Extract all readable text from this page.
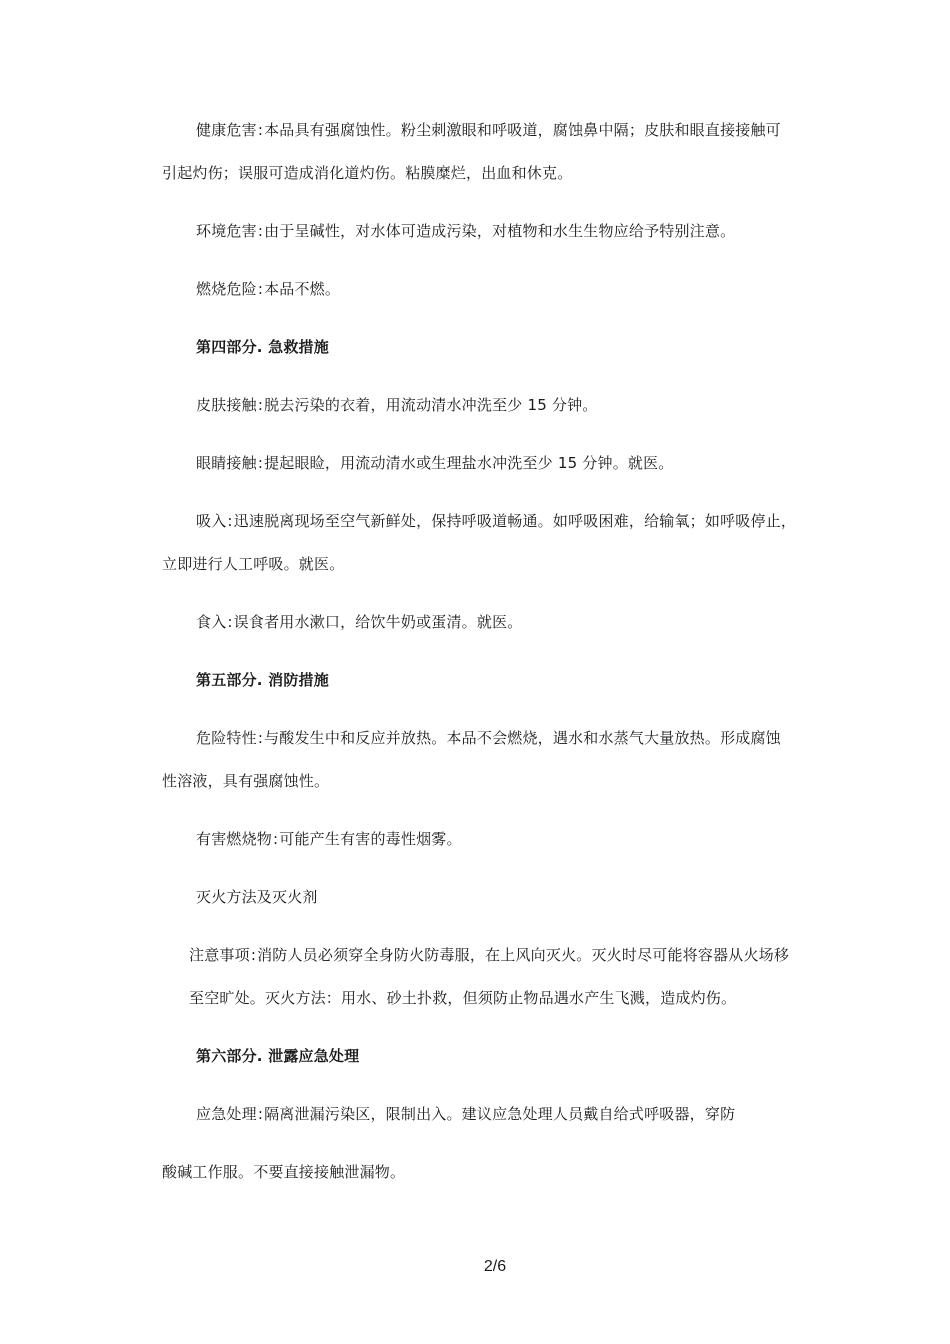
健康危害:本品具有强腐蚀性。粉尘刺激眼和呼吸道，腐蚀鼻中隔；皮肤和眼直接接触可
引起灼伤；误服可造成消化道灼伤。粘膜糜烂，出血和休克。
环境危害:由于呈碱性，对水体可造成污染，对植物和水生生物应给予特别注意。
燃烧危险:本品不燃。
第四部分. 急救措施
皮肤接触:脱去污染的衣着，用流动清水冲洗至少 15 分钟。
眼睛接触:提起眼睑，用流动清水或生理盐水冲洗至少 15 分钟。就医。
吸入:迅速脱离现场至空气新鲜处，保持呼吸道畅通。如呼吸困难，给输氧；如呼吸停止，
立即进行人工呼吸。就医。
食入:误食者用水漱口，给饮牛奶或蛋清。就医。
第五部分. 消防措施
危险特性:与酸发生中和反应并放热。本品不会燃烧，遇水和水蒸气大量放热。形成腐蚀
性溶液，具有强腐蚀性。
有害燃烧物:可能产生有害的毒性烟雾。
灭火方法及灭火剂
注意事项:消防人员必须穿全身防火防毒服，在上风向灭火。灭火时尽可能将容器从火场移
至空旷处。灭火方法：用水、砂土扑救，但须防止物品遇水产生飞溅，造成灼伤。
第六部分. 泄露应急处理
应急处理:隔离泄漏污染区，限制出入。建议应急处理人员戴自给式呼吸器，穿防
酸碱工作服。不要直接接触泄漏物。
2/6
